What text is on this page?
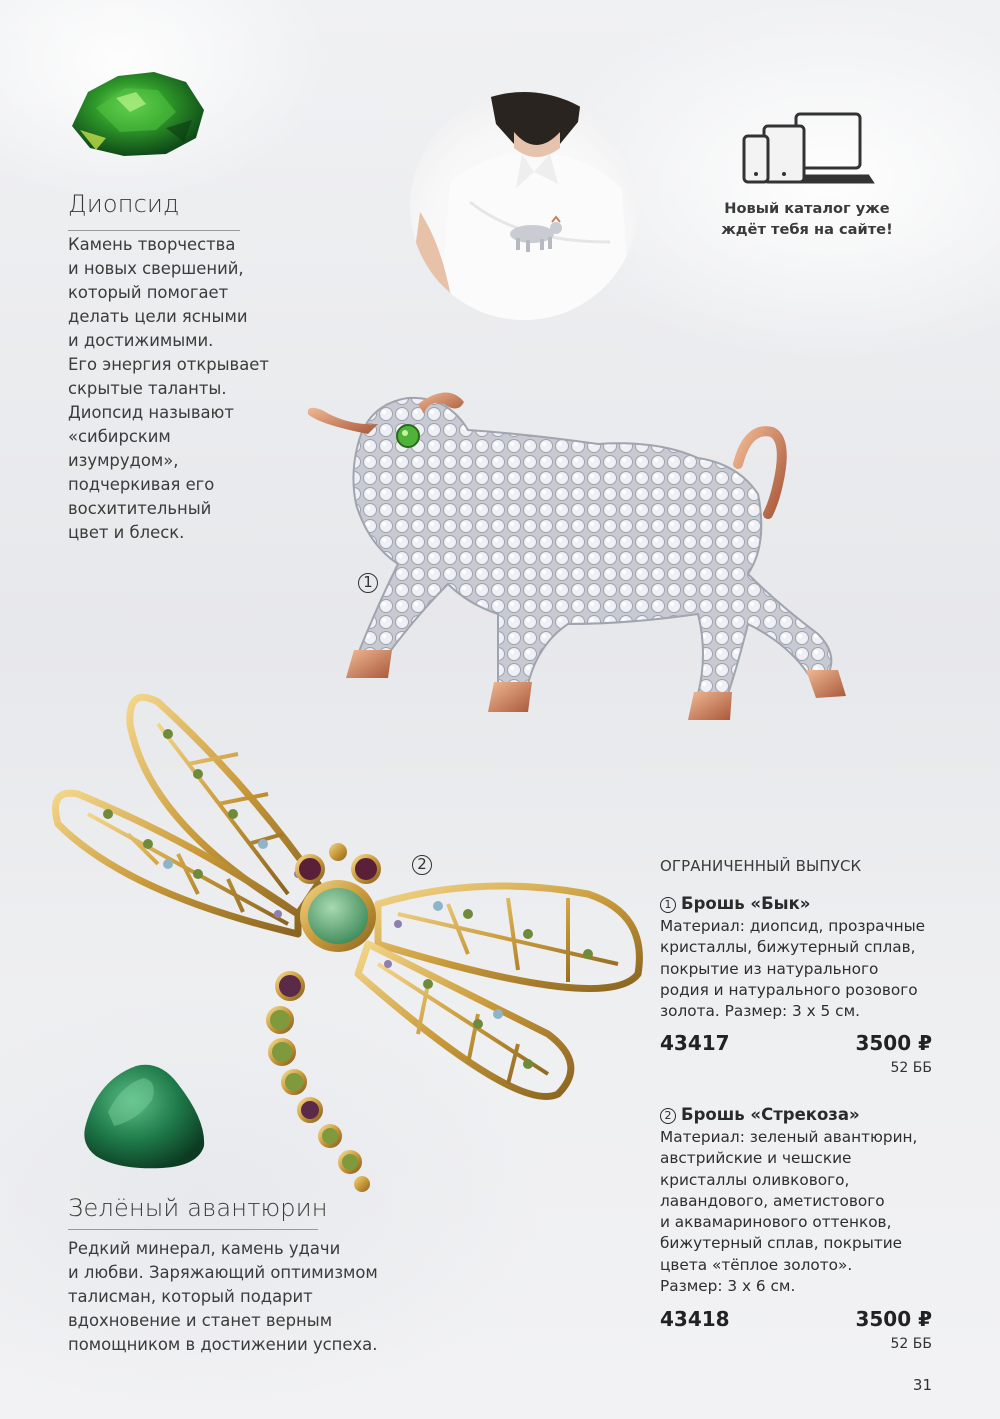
Диопсид
Камень творчества
и новых свершений,
который помогает
делать цели ясными
и достижимыми.
Его энергия открывает
скрытые таланты.
Диопсид называют
«сибирским
изумрудом»,
подчеркивая его
восхитительный
цвет и блеск.
Новый каталог уже
ждёт тебя на сайте!
1
2
Зелёный авантюрин
Редкий минерал, камень удачи
и любви. Заряжающий оптимизмом
талисман, который подарит
вдохновение и станет верным
помощником в достижении успеха.
ОГРАНИЧЕННЫЙ ВЫПУСК
1 Брошь «Бык»
Материал: диопсид, прозрачные
кристаллы, бижутерный сплав,
покрытие из натурального
родия и натурального розового
золота. Размер: 3 х 5 см.
43417	3500 ₽
52 ББ
2 Брошь «Стрекоза»
Материал: зеленый авантюрин,
австрийские и чешские
кристаллы оливкового,
лавандового, аметистового
и аквамаринового оттенков,
бижутерный сплав, покрытие
цвета «тёплое золото».
Размер: 3 х 6 см.
43418	3500 ₽
52 ББ
31
